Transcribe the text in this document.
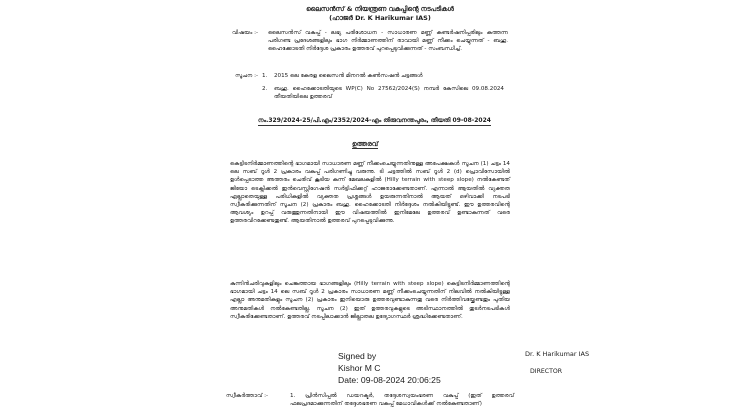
ലൈസൻസ് & നിയന്ത്രണ വകുപ്പിന്റെ നടപടികൾ
(ഹാജർ Dr. K Harikumar IAS)
വിഷയം :- ലൈസൻസ് വകുപ്പ് - ലഭ്യ പരിശോധന - സാധാരണ മണ്ണ് കണ്ടർഷനിപ്പരിലും കത്തന്ന പരിഗണ്ട പ്രദേശങ്ങളിലും ഭാഗ നിർമ്മാണത്തിന് രാവായി മണ്ണ് നീക്കം ചെയ്യുന്നത് - ബഹു. ഹൈക്കോടതി നിർദ്ദേശ പ്രകാരം ഉത്തരവ് പുറപ്പെടുവിക്കുന്നത് - സംബന്ധിച്ച്.
സൂചന :- 1. 2015 ലെ കേരള ലൈസൻ മിനറൽ കൺസഷൻ ചട്ടങ്ങൾ
2. ബഹു. ഹൈക്കോടതിയുടെ WP(C) No 27562/2024(S) നമ്പർ കേസിലെ 09.08.2024 തീയതിയിലെ ഉത്തരവ്
നം.329/2024-25/പി.എം/2352/2024-എം തിരുവനന്തപുരം, തീയതി 09-08-2024
ഉത്തരവ്
കെട്ടിടനിർമ്മാണത്തിന്റെ ഭാഗമായി സാധാരണ മണ്ണ് നീക്കംചെയ്യുന്നതിനുള്ള അപേക്ഷകൾ സൂചന (1) ചട്ടം 14 ലെ സബ് റൂൾ 2 പ്രകാരം വകുപ്പ് പരിഗണിച്ചു വരുന്നു. ടി ചട്ടത്തിൽ സബ് റൂൾ 2 (d) പ്രൊവിസോയിൽ ഉൾപ്പെടാത്ത അത്തരം ചെരിവ് കൂടിയ കുന്ന് മേഖലകളിൽ (Hilly terrain with steep slope) നൽകേണ്ടത് ജിയോ ടെക്നിക്കൽ ഇൻവെസ്റ്റിഗേഷൻ സർട്ടിഫിക്കറ്റ് ഹാജരാക്കേണ്ടതാണ്. എന്നാൽ ആയതിൽ വ്യക്തത ഏല്ലാതെയുള്ള പരിധികളിൽ വ്യക്തത പ്രശ്നങ്ങൾ ഉയരുന്നതിനാൽ ആയത് ഒഴിവാക്കി നടപടി സ്വീകരിക്കുന്നതിന് സൂചന (2) പ്രകാരം ബഹു. ഹൈക്കോടതി നിർദ്ദേശം നൽകിയിട്ടുണ്ട്. ഈ ഉത്തരവിന്റെ ആവശ്യം ഉറപ്പ് വരുത്തുന്നതിനായി ഈ വിഷയത്തിൽ ഇനിമേലേ ഉത്തരവ് ഉണ്ടാകുന്നത് വരെ ഉത്തരവിറക്കേണ്ടതുണ്ട്. ആയതിനാൽ ഉത്തരവ് പുറപ്പെടുവിക്കുന്നു.
കുന്നിൻചരിവുകളിലും ചെങ്കുത്തായ ഭാഗങ്ങളിലും (Hilly terrain with steep slope) കെട്ടിടനിർമ്മാണത്തിന്റെ ഭാഗമായി ചട്ടം 14 ലെ സബ് റൂൾ 2 പ്രകാരം സാധാരണ മണ്ണ് നീക്കംചെയ്യുന്നതിന് നിലവിൽ നൽകിയിട്ടുള്ള എല്ലാ അനുമതികളും സൂചന (2) പ്രകാരം ഇനിയൊരു ഉത്തരവുണ്ടാകുന്നതു വരെ നിർത്തിവയ്ക്കേണ്ടതും പുതിയ അനുമതികൾ നൽകേണ്ടതില്ല. സൂചന (2) ഇത് ഉത്തരവുകളുടെ അടിസ്ഥാനത്തിൽ തുടർനടപടികൾ സ്വീകരിക്കേണ്ടതാണ്. ഉത്തരവ് നടപ്പിലാക്കാൻ ജില്ലാതല ഉദ്യോഗസ്ഥർ ശ്രദ്ധിക്കേണ്ടതാണ്.
Signed by
Kishor M C
Date: 09-08-2024 20:06:25
Dr. K Harikumar IAS
DIRECTOR
സ്വീകർത്താവ് :-	1. പ്രിൻസിപ്പൽ ഡയറക്ടർ, തദ്ദേശസ്വയംഭരണ വകുപ്പ് (ഇത് ഉത്തരവ് ഫലപ്രദമാക്കുന്നതിന് തദ്ദേശഭരണ വകുപ്പ് മേധാവികൾക്ക് നൽകേണ്ടതാണ്)
